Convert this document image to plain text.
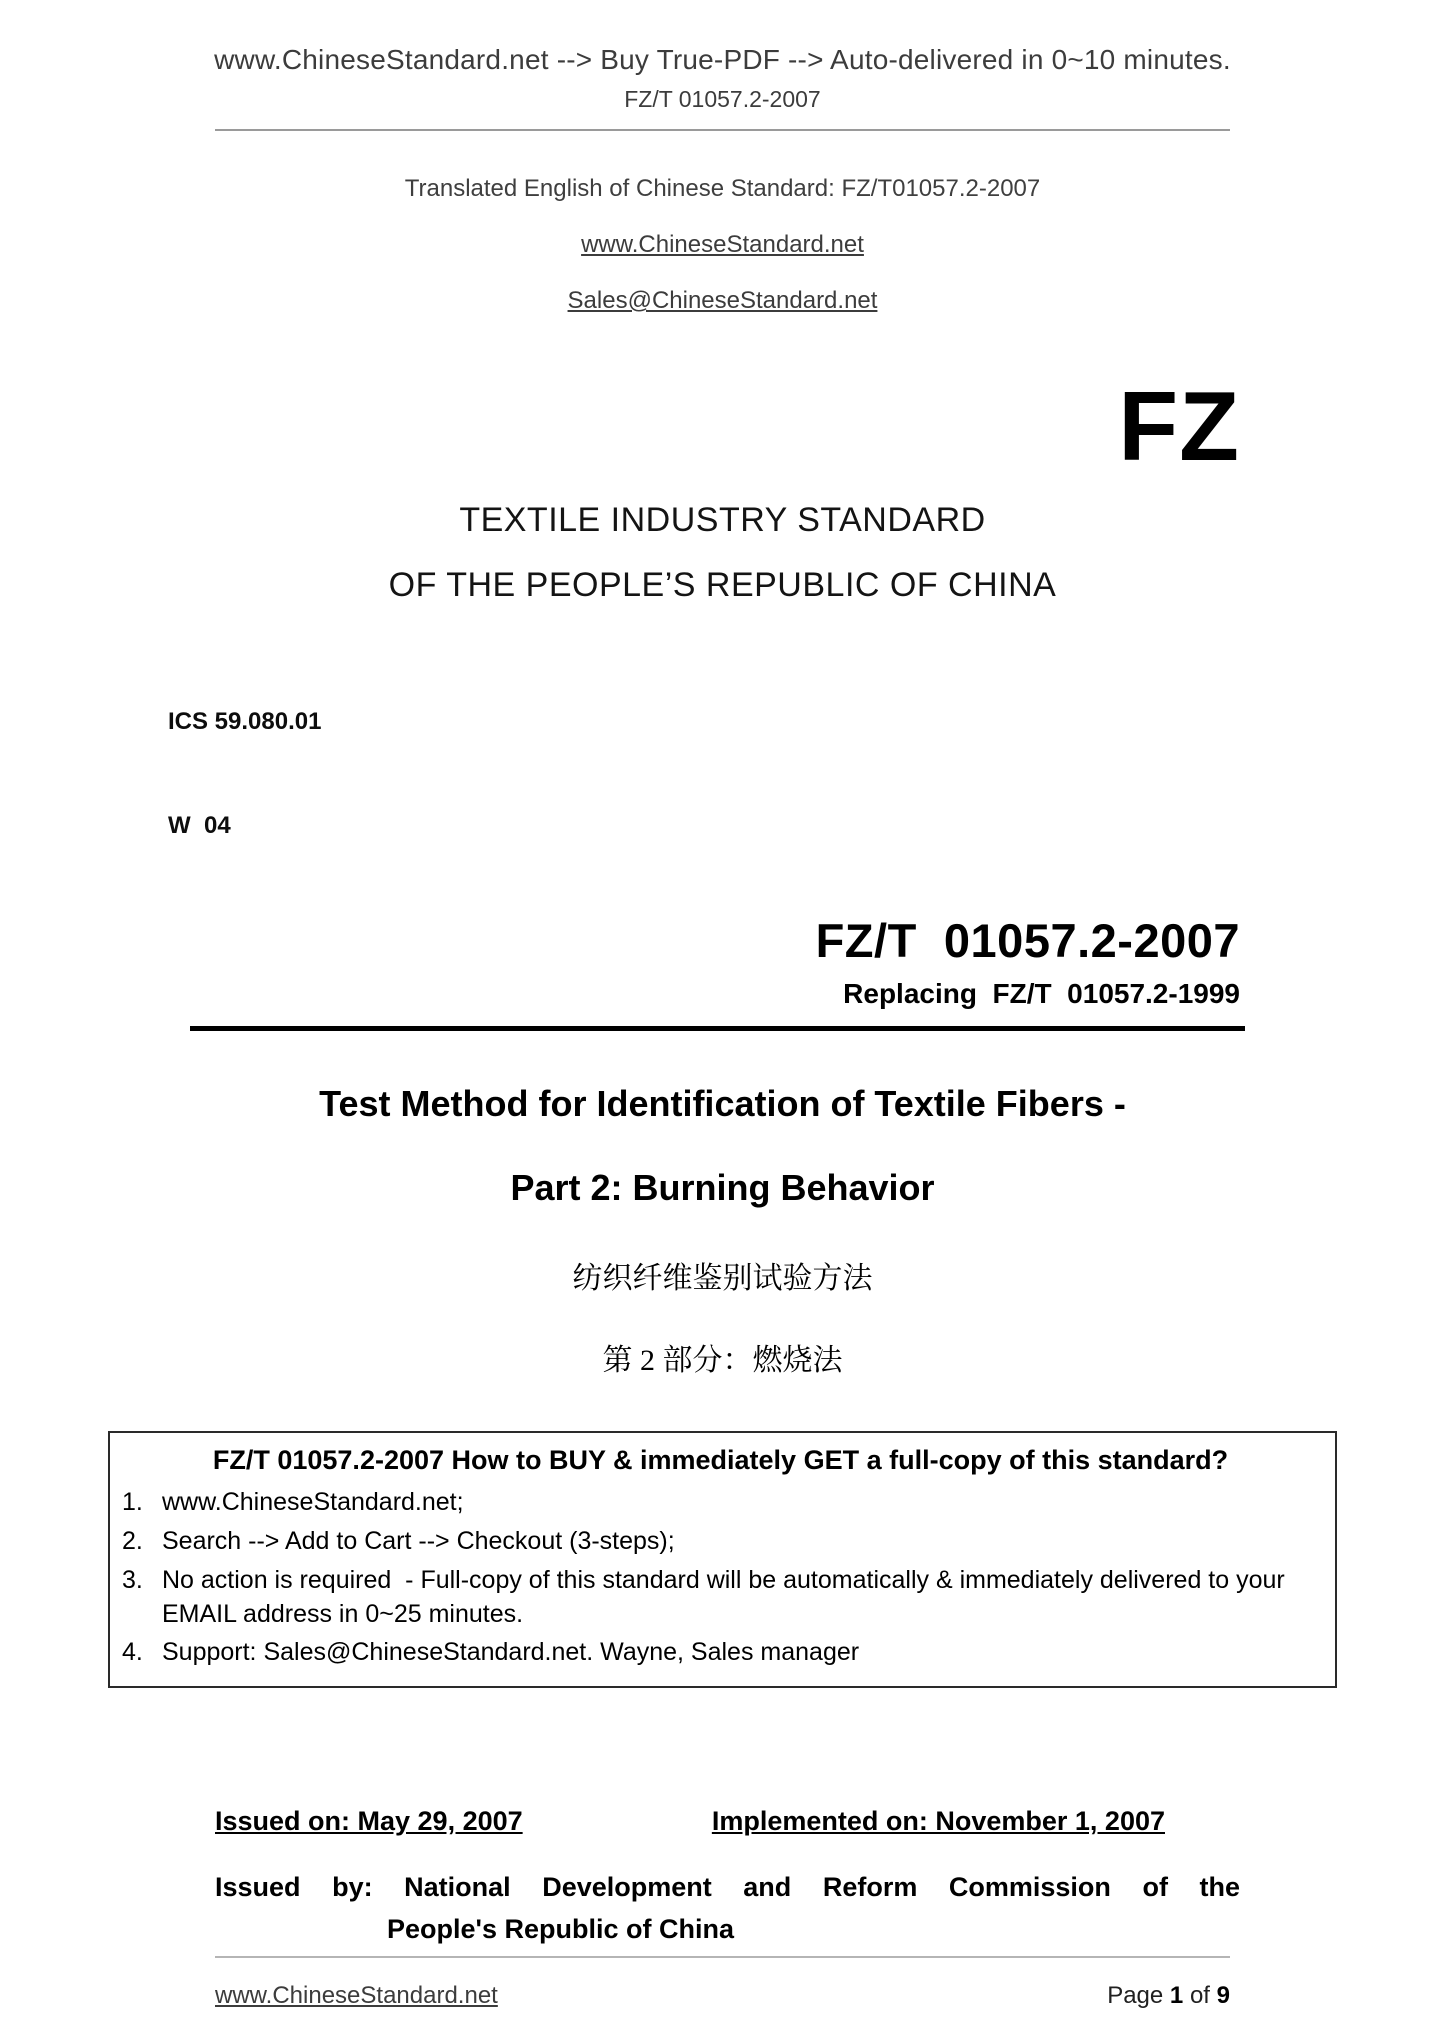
www.ChineseStandard.net --> Buy True-PDF --> Auto-delivered in 0~10 minutes.
FZ/T 01057.2-2007
Translated English of Chinese Standard: FZ/T01057.2-2007
www.ChineseStandard.net
Sales@ChineseStandard.net
FZ
TEXTILE INDUSTRY STANDARD
OF THE PEOPLE’S REPUBLIC OF CHINA

ICS 59.080.01

W  04

FZ/T  01057.2-2007
Replacing  FZ/T  01057.2-1999
Test Method for Identification of Textile Fibers -
Part 2: Burning Behavior
纺织纤维鉴别试验方法
第 2 部分：燃烧法
FZ/T 01057.2-2007 How to BUY & immediately GET a full-copy of this standard?
1. www.ChineseStandard.net;
2. Search --> Add to Cart --> Checkout (3-steps);
3. No action is required  - Full-copy of this standard will be automatically & immediately delivered to your EMAIL address in 0~25 minutes.
4. Support: Sales@ChineseStandard.net. Wayne, Sales manager
Issued on: May 29, 2007	Implemented on: November 1, 2007
Issued by: National Development and Reform Commission of the
People's Republic of China
www.ChineseStandard.net	Page 1 of 9
